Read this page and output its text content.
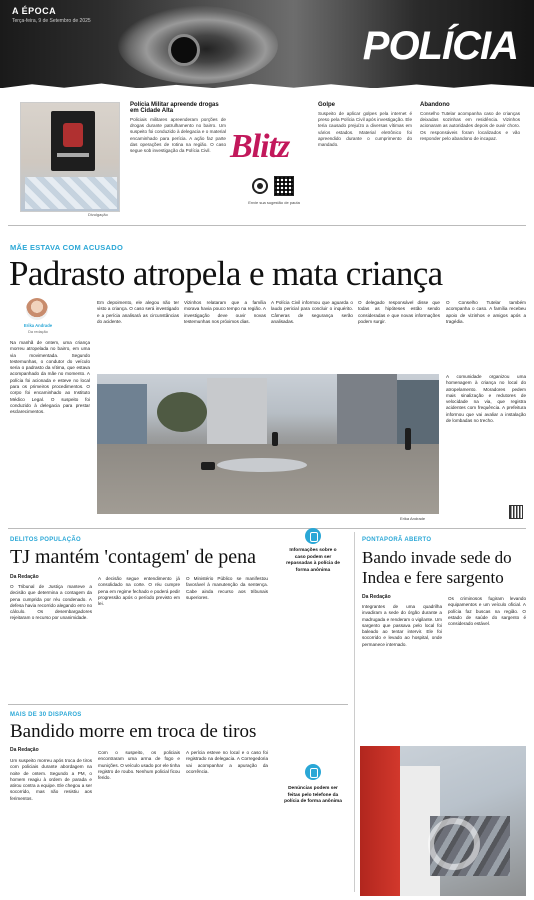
A ÉPOCA
Terça-feira, 9 de Setembro de 2025
POLÍCIA
Divulgação
Polícia Militar apreende drogas em Cidade Alta

Policiais militares apreenderam porções de drogas durante patrulhamento no bairro. Um suspeito foi conduzido à delegacia e o material encaminhado para perícia. A ação faz parte das operações de rotina na região. O caso segue sob investigação da Polícia Civil. Blitz
Envie sua sugestão de pauta
Golpe

Suspeito de aplicar golpes pela internet é preso pela Polícia Civil após investigação. Ele teria causado prejuízo a diversas vítimas em vários estados. Material eletrônico foi apreendido durante o cumprimento do mandado.

Abandono

Conselho Tutelar acompanha caso de crianças deixadas sozinhas em residência. Vizinhos acionaram as autoridades depois de ouvir choro. Os responsáveis foram localizados e vão responder pelo abandono de incapaz.

MÃE ESTAVA COM ACUSADO
Padrasto atropela e mata criança
Erika Andrade
Da redação
Na manhã de ontem, uma criança morreu atropelada no bairro, em uma via movimentada. Segundo testemunhas, o condutor do veículo seria o padrasto da vítima, que estava acompanhado da mãe no momento. A polícia foi acionada e esteve no local para os primeiros procedimentos. O corpo foi encaminhado ao Instituto Médico Legal. O suspeito foi conduzido à delegacia para prestar esclarecimentos.
Em depoimento, ele alegou não ter visto a criança. O caso será investigado e a perícia analisará as circunstâncias do acidente.
Vizinhos relataram que a família morava havia pouco tempo na região. A investigação deve ouvir novas testemunhas nos próximos dias.
A Polícia Civil informou que aguarda o laudo pericial para concluir o inquérito. Câmeras de segurança serão analisadas.
O delegado responsável disse que todas as hipóteses estão sendo consideradas e que novas informações podem surgir.
O Conselho Tutelar também acompanha o caso. A família recebeu apoio de vizinhos e amigos após a tragédia.
A comunidade organizou uma homenagem à criança no local do atropelamento. Moradores pedem mais sinalização e redutores de velocidade na via, que registra acidentes com frequência. A prefeitura informou que vai avaliar a instalação de lombadas no trecho.
Erika Andrade
DELITOS POPULAÇÃO
TJ mantém 'contagem' de pena
Da Redação
O Tribunal de Justiça manteve a decisão que determina a contagem da pena cumprida por réu condenado. A defesa havia recorrido alegando erro no cálculo. Os desembargadores rejeitaram o recurso por unanimidade.
A decisão segue entendimento já consolidado na corte. O réu cumpre pena em regime fechado e poderá pedir progressão após o período previsto em lei.
O Ministério Público se manifestou favorável à manutenção da sentença. Cabe ainda recurso aos tribunais superiores.
Informações sobre o caso podem ser repassadas à polícia de forma anônima
PONTAPORÃ ABERTO
Bando invade sede do Indea e fere sargento
Da Redação
Integrantes de uma quadrilha invadiram a sede do órgão durante a madrugada e renderam o vigilante. Um sargento que passava pelo local foi baleado ao tentar intervir. Ele foi socorrido e levado ao hospital, onde permanece internado.
Os criminosos fugiram levando equipamentos e um veículo oficial. A polícia faz buscas na região. O estado de saúde do sargento é considerado estável.
MAIS DE 30 DISPAROS
Bandido morre em troca de tiros
Da Redação
Um suspeito morreu após troca de tiros com policiais durante abordagem na noite de ontem. Segundo a PM, o homem reagiu à ordem de parada e atirou contra a equipe. Ele chegou a ser socorrido, mas não resistiu aos ferimentos.
Com o suspeito, os policiais encontraram uma arma de fogo e munições. O veículo usado por ele tinha registro de roubo. Nenhum policial ficou ferido.
A perícia esteve no local e o caso foi registrado na delegacia. A Corregedoria vai acompanhar a apuração da ocorrência.
Denúncias podem ser feitas pelo telefone da polícia de forma anônima
